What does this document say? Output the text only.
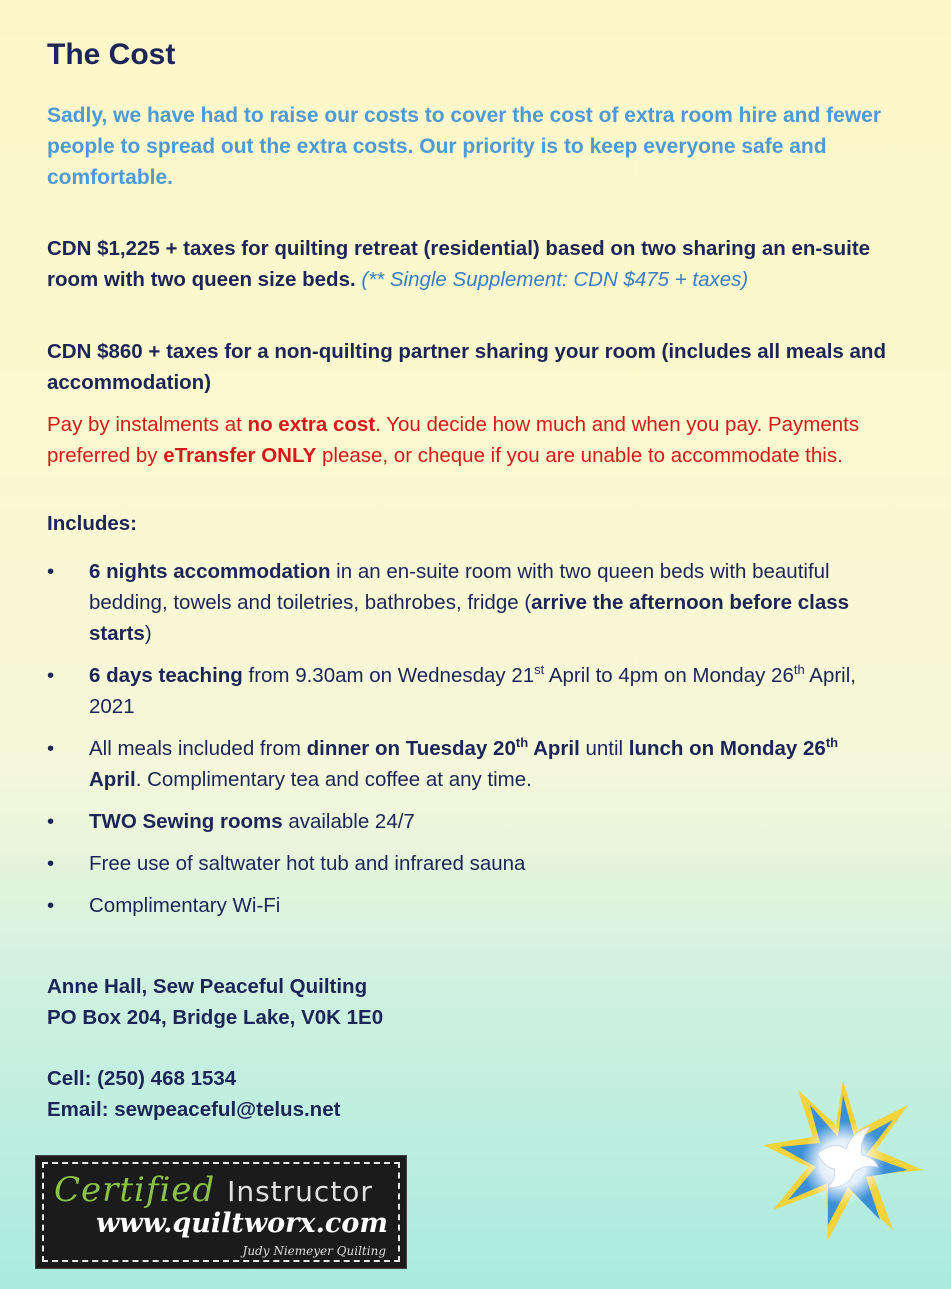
The Cost

Sadly, we have had to raise our costs to cover the cost of extra room hire and fewer people to spread out the extra costs. Our priority is to keep everyone safe and comfortable.

CDN $1,225 + taxes for quilting retreat (residential) based on two sharing an en-suite room with two queen size beds. (** Single Supplement: CDN $475 + taxes)

CDN $860 + taxes for a non-quilting partner sharing your room (includes all meals and accommodation)

Pay by instalments at no extra cost. You decide how much and when you pay. Payments preferred by eTransfer ONLY please, or cheque if you are unable to accommodate this.

Includes:

• 6 nights accommodation in an en-suite room with two queen beds with beautiful bedding, towels and toiletries, bathrobes, fridge (arrive the afternoon before class starts)
• 6 days teaching from 9.30am on Wednesday 21st April to 4pm on Monday 26th April, 2021
• All meals included from dinner on Tuesday 20th April until lunch on Monday 26th April. Complimentary tea and coffee at any time.
• TWO Sewing rooms available 24/7
• Free use of saltwater hot tub and infrared sauna
• Complimentary Wi-Fi

Anne Hall, Sew Peaceful Quilting

PO Box 204, Bridge Lake, V0K 1E0

Cell: (250) 468 1534

Email: sewpeaceful@telus.net

Certified Instructor
www.quiltworx.com
Judy Niemeyer Quilting
